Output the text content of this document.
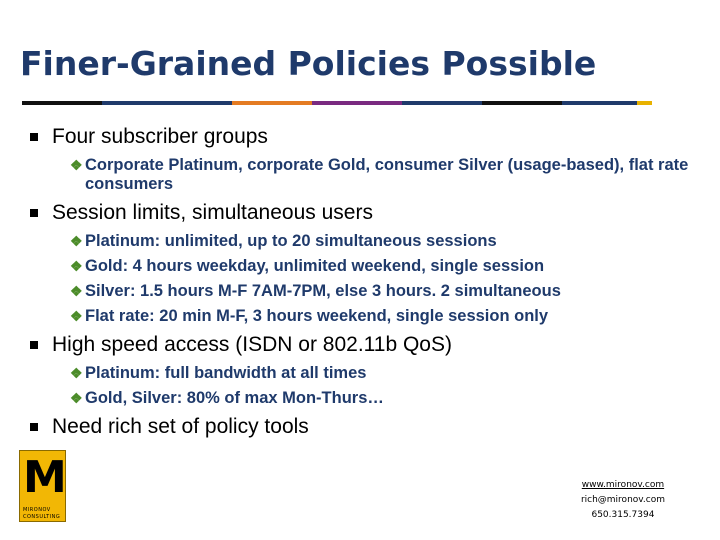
Finer-Grained Policies Possible
Four subscriber groups
❖ Corporate Platinum, corporate Gold, consumer Silver (usage-based), flat rate consumers
Session limits, simultaneous users
❖ Platinum: unlimited, up to 20 simultaneous sessions
❖ Gold: 4 hours weekday, unlimited weekend, single session
❖ Silver: 1.5 hours M-F 7AM-7PM, else 3 hours. 2 simultaneous
❖ Flat rate: 20 min M-F, 3 hours weekend, single session only
High speed access (ISDN or 802.11b QoS)
❖ Platinum: full bandwidth at all times
❖ Gold, Silver: 80% of max Mon-Thurs…
Need rich set of policy tools
M
MIRONOV
CONSULTING
www.mironov.com
rich@mironov.com
650.315.7394
